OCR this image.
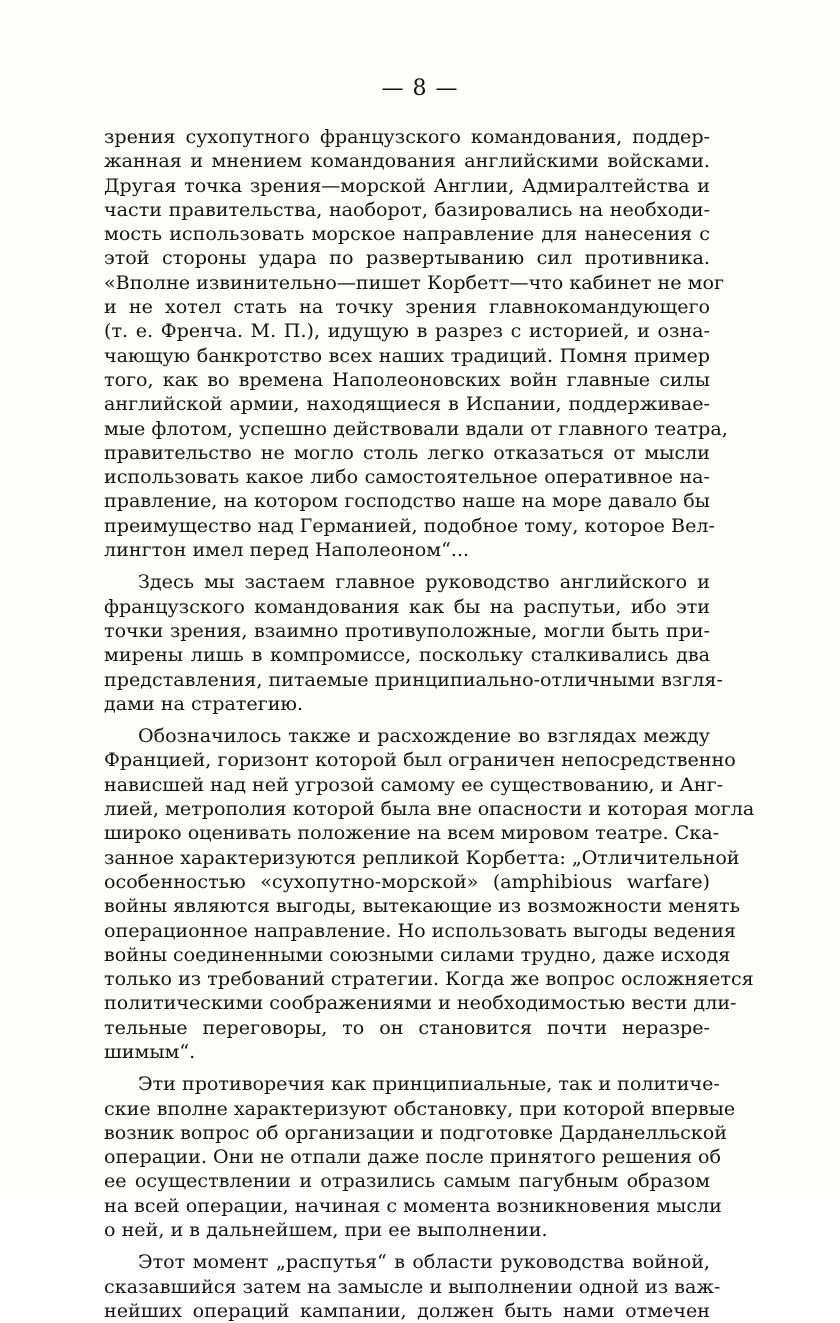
— 8 —

зрения сухопутного французского командования, поддер-
жанная и мнением командования английскими войсками.
Другая точка зрения—морской Англии, Адмиралтейства и
части правительства, наоборот, базировались на необходи-
мость использовать морское направление для нанесения с
этой стороны удара по развертыванию сил противника.
«Вполне извинительно—пишет Корбетт—что кабинет не мог
и не хотел стать на точку зрения главнокомандующего
(т. е. Френча. М. П.), идущую в разрез с историей, и озна-
чающую банкротство всех наших традиций. Помня пример
того, как во времена Наполеоновских войн главные силы
английской армии, находящиеся в Испании, поддерживае-
мые флотом, успешно действовали вдали от главного театра,
правительство не могло столь легко отказаться от мысли
использовать какое либо самостоятельное оперативное на-
правление, на котором господство наше на море давало бы
преимущество над Германией, подобное тому, которое Вел-
лингтон имел перед Наполеоном“...

Здесь мы застаем главное руководство английского и
французского командования как бы на распутьи, ибо эти
точки зрения, взаимно противуположные, могли быть при-
мирены лишь в компромиссе, поскольку сталкивались два
представления, питаемые принципиально-отличными взгля-
дами на стратегию.

Обозначилось также и расхождение во взглядах между
Францией, горизонт которой был ограничен непосредственно
нависшей над ней угрозой самому ее существованию, и Анг-
лией, метрополия которой была вне опасности и которая могла
широко оценивать положение на всем мировом театре. Ска-
занное характеризуются репликой Корбетта: „Отличительной
особенностью «сухопутно-морской» (amphibious warfare)
войны являются выгоды, вытекающие из возможности менять
операционное направление. Но использовать выгоды ведения
войны соединенными союзными силами трудно, даже исходя
только из требований стратегии. Когда же вопрос осложняется
политическими соображениями и необходимостью вести дли-
тельные переговоры, то он становится почти неразре-
шимым“.

Эти противоречия как принципиальные, так и политиче-
ские вполне характеризуют обстановку, при которой впервые
возник вопрос об организации и подготовке Дарданелльской
операции. Они не отпали даже после принятого решения об
ее осуществлении и отразились самым пагубным образом
на всей операции, начиная с момента возникновения мысли
о ней, и в дальнейшем, при ее выполнении.

Этот момент „распутья“ в области руководства войной,
сказавшийся затем на замысле и выполнении одной из важ-
нейших операций кампании, должен быть нами отмечен
